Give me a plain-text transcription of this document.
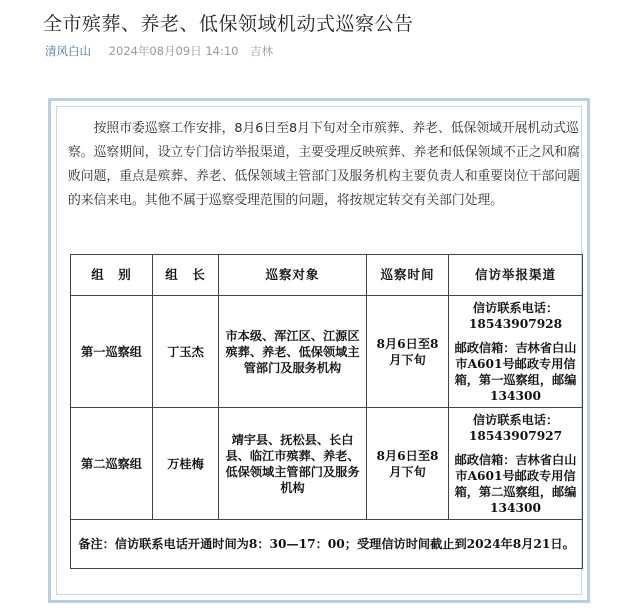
全市殡葬、养老、低保领域机动式巡察公告
清风白山 2024年08月09日 14:10 吉林

按照市委巡察工作安排，8月6日至8月下旬对全市殡葬、养老、低保领域开展机动式巡察。巡察期间，设立专门信访举报渠道，主要受理反映殡葬、养老和低保领域不正之风和腐败问题，重点是殡葬、养老、低保领域主管部门及服务机构主要负责人和重要岗位干部问题的来信来电。其他不属于巡察受理范围的问题，将按规定转交有关部门处理。

组　别	组　长	巡察对象	巡察时间	信访举报渠道
第一巡察组	丁玉杰	市本级、浑江区、江源区殡葬、养老、低保领域主管部门及服务机构	8月6日至8月下旬	信访联系电话：
18543907928
邮政信箱：吉林省白山市A601号邮政专用信箱，第一巡察组，邮编134300

第二巡察组	万桂梅	靖宇县、抚松县、长白县、临江市殡葬、养老、低保领域主管部门及服务机构	8月6日至8月下旬	信访联系电话：
18543907927
邮政信箱：吉林省白山市A601号邮政专用信箱，第二巡察组，邮编134300

备注：信访联系电话开通时间为8：30—17：00；受理信访时间截止到2024年8月21日。				
